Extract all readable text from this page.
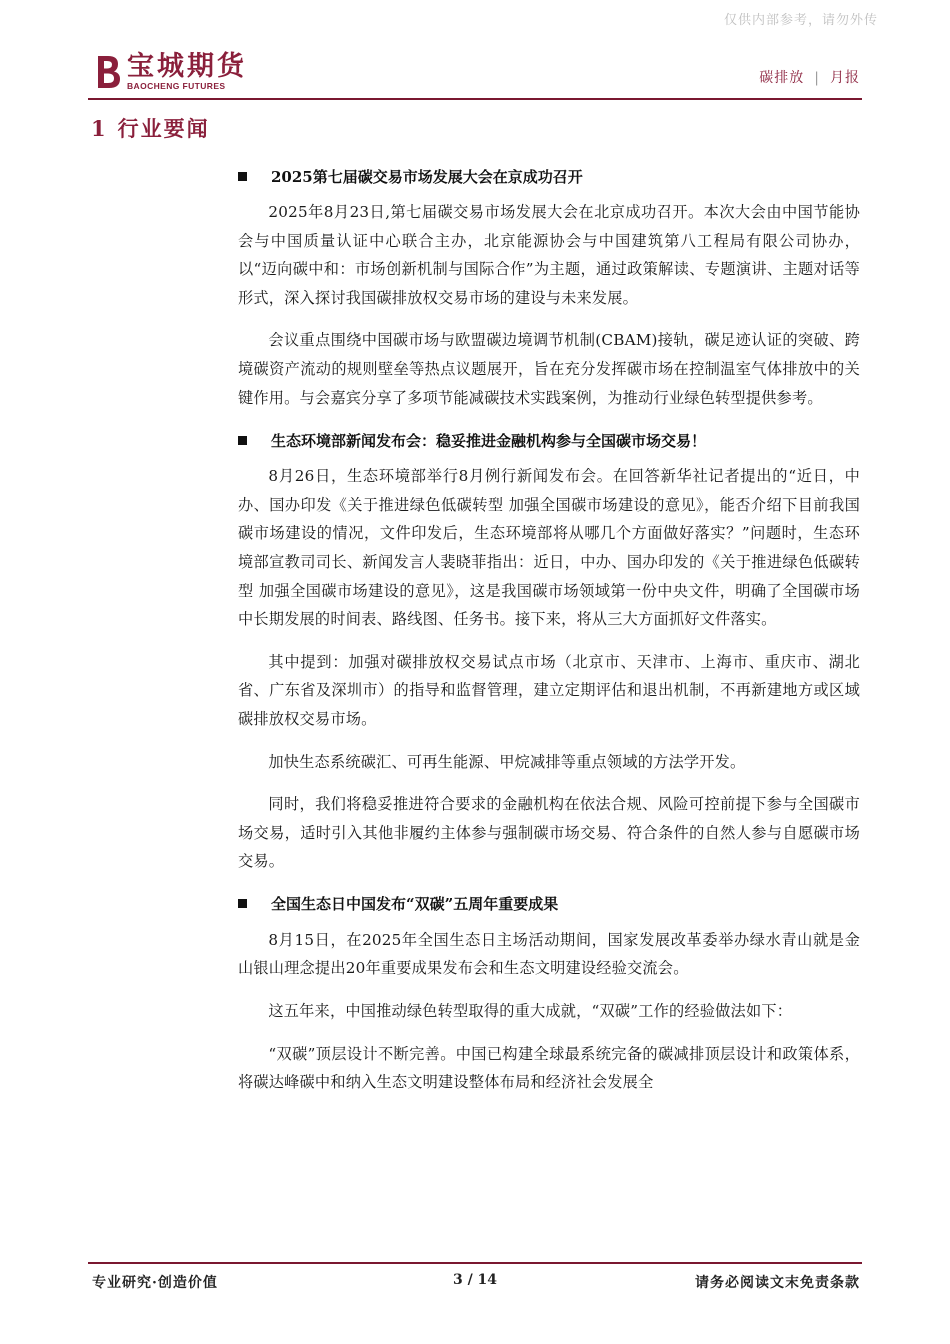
仅供内部参考，请勿外传
宝城期货
BAOCHENG FUTURES	碳排放 | 月报
1 行业要闻
2025第七届碳交易市场发展大会在京成功召开

2025年8月23日,第七届碳交易市场发展大会在北京成功召开。本次大会由中国节能协会与中国质量认证中心联合主办，北京能源协会与中国建筑第八工程局有限公司协办，以“迈向碳中和：市场创新机制与国际合作”为主题，通过政策解读、专题演讲、主题对话等形式，深入探讨我国碳排放权交易市场的建设与未来发展。

会议重点围绕中国碳市场与欧盟碳边境调节机制(CBAM)接轨，碳足迹认证的突破、跨境碳资产流动的规则壁垒等热点议题展开，旨在充分发挥碳市场在控制温室气体排放中的关键作用。与会嘉宾分享了多项节能减碳技术实践案例，为推动行业绿色转型提供参考。

生态环境部新闻发布会：稳妥推进金融机构参与全国碳市场交易！

8月26日，生态环境部举行8月例行新闻发布会。在回答新华社记者提出的“近日，中办、国办印发《关于推进绿色低碳转型 加强全国碳市场建设的意见》，能否介绍下目前我国碳市场建设的情况，文件印发后，生态环境部将从哪几个方面做好落实？”问题时，生态环境部宣教司司长、新闻发言人裴晓菲指出：近日，中办、国办印发的《关于推进绿色低碳转型 加强全国碳市场建设的意见》，这是我国碳市场领域第一份中央文件，明确了全国碳市场中长期发展的时间表、路线图、任务书。接下来，将从三大方面抓好文件落实。

其中提到：加强对碳排放权交易试点市场（北京市、天津市、上海市、重庆市、湖北省、广东省及深圳市）的指导和监督管理，建立定期评估和退出机制，不再新建地方或区域碳排放权交易市场。

加快生态系统碳汇、可再生能源、甲烷减排等重点领域的方法学开发。

同时，我们将稳妥推进符合要求的金融机构在依法合规、风险可控前提下参与全国碳市场交易，适时引入其他非履约主体参与强制碳市场交易、符合条件的自然人参与自愿碳市场交易。

全国生态日中国发布“双碳”五周年重要成果

8月15日，在2025年全国生态日主场活动期间，国家发展改革委举办绿水青山就是金山银山理念提出20年重要成果发布会和生态文明建设经验交流会。

这五年来，中国推动绿色转型取得的重大成就，“双碳”工作的经验做法如下：

“双碳”顶层设计不断完善。中国已构建全球最系统完备的碳减排顶层设计和政策体系，将碳达峰碳中和纳入生态文明建设整体布局和经济社会发展全

专业研究·创造价值	3 / 14	请务必阅读文末免责条款
